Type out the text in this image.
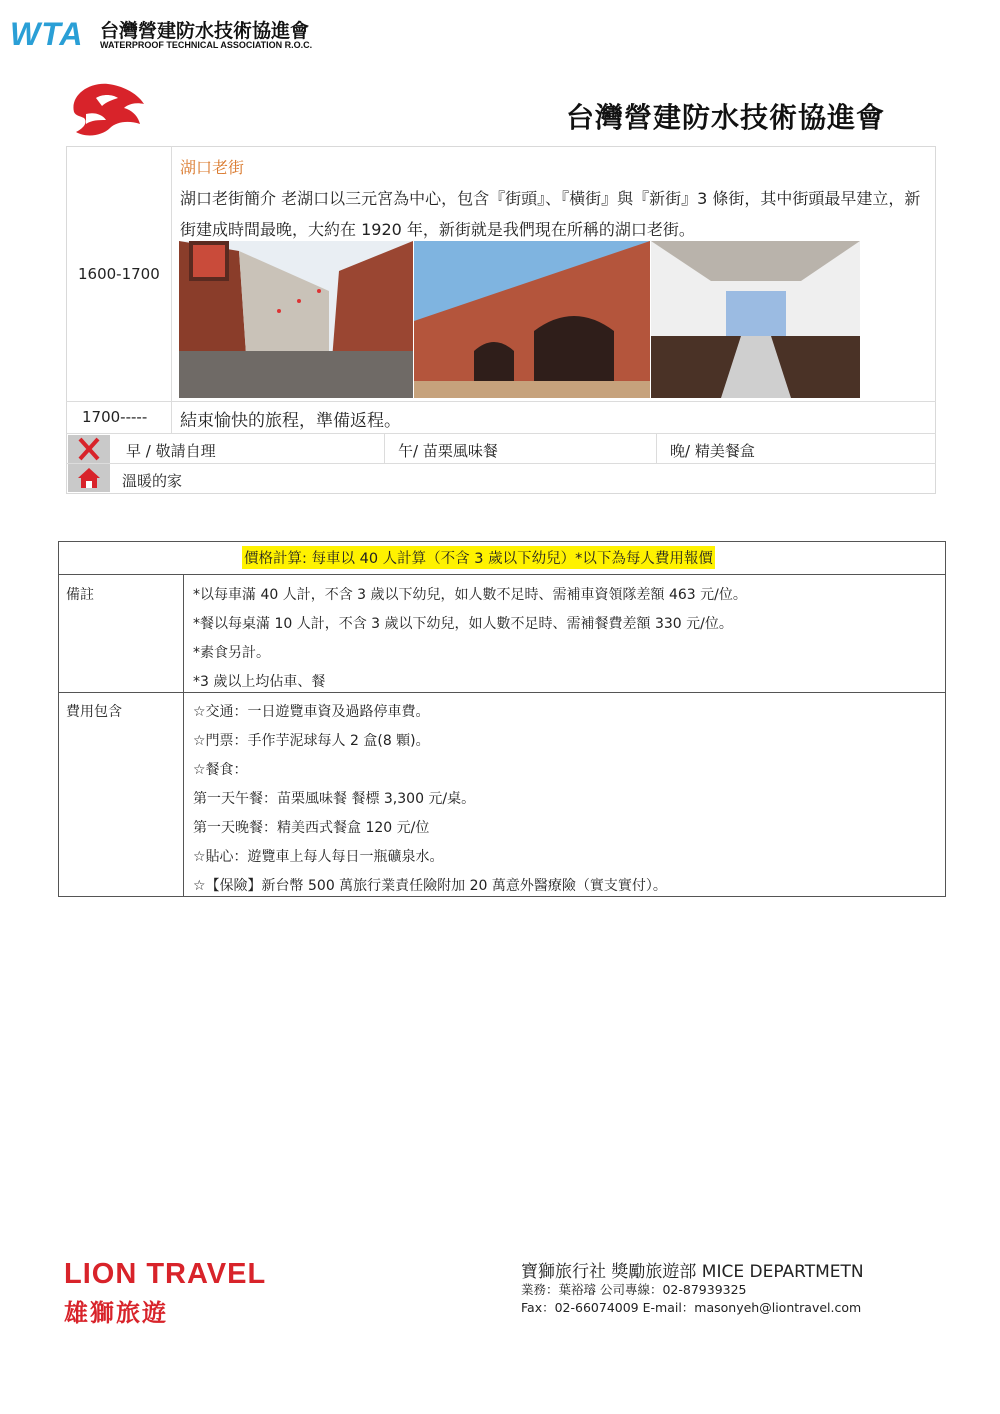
WTA 台灣營建防水技術協進會
WATERPROOF TECHNICAL ASSOCIATION R.O.C.
台灣營建防水技術協進會
1600-1700
湖口老街
湖口老街簡介 老湖口以三元宮為中心，包含『街頭』、『橫街』與『新街』3 條街，其中街頭最早建立，新街建成時間最晚，大約在 1920 年，新街就是我們現在所稱的湖口老街。
1700----- 結束愉快的旅程，準備返程。
早 / 敬請自理	午/ 苗栗風味餐	晚/ 精美餐盒
溫暖的家
價格計算: 每車以 40 人計算（不含 3 歲以下幼兒）*以下為每人費用報價
備註	*以每車滿 40 人計，不含 3 歲以下幼兒，如人數不足時、需補車資領隊差額 463 元/位。
*餐以每桌滿 10 人計，不含 3 歲以下幼兒，如人數不足時、需補餐費差額 330 元/位。
*素食另計。
*3 歲以上均佔車、餐
費用包含	☆交通：一日遊覽車資及過路停車費。
☆門票：手作芋泥球每人 2 盒(8 顆)。
☆餐食：
第一天午餐：苗栗風味餐 餐標 3,300 元/桌。
第一天晚餐：精美西式餐盒 120 元/位
☆貼心：遊覽車上每人每日一瓶礦泉水。
☆【保險】新台幣 500 萬旅行業責任險附加 20 萬意外醫療險（實支實付）。
LION TRAVEL
雄獅旅遊
寶獅旅行社 獎勵旅遊部 MICE DEPARTMETN
業務：葉裕璿 公司專線：02-87939325
Fax：02-66074009 E-mail：masonyeh@liontravel.com
